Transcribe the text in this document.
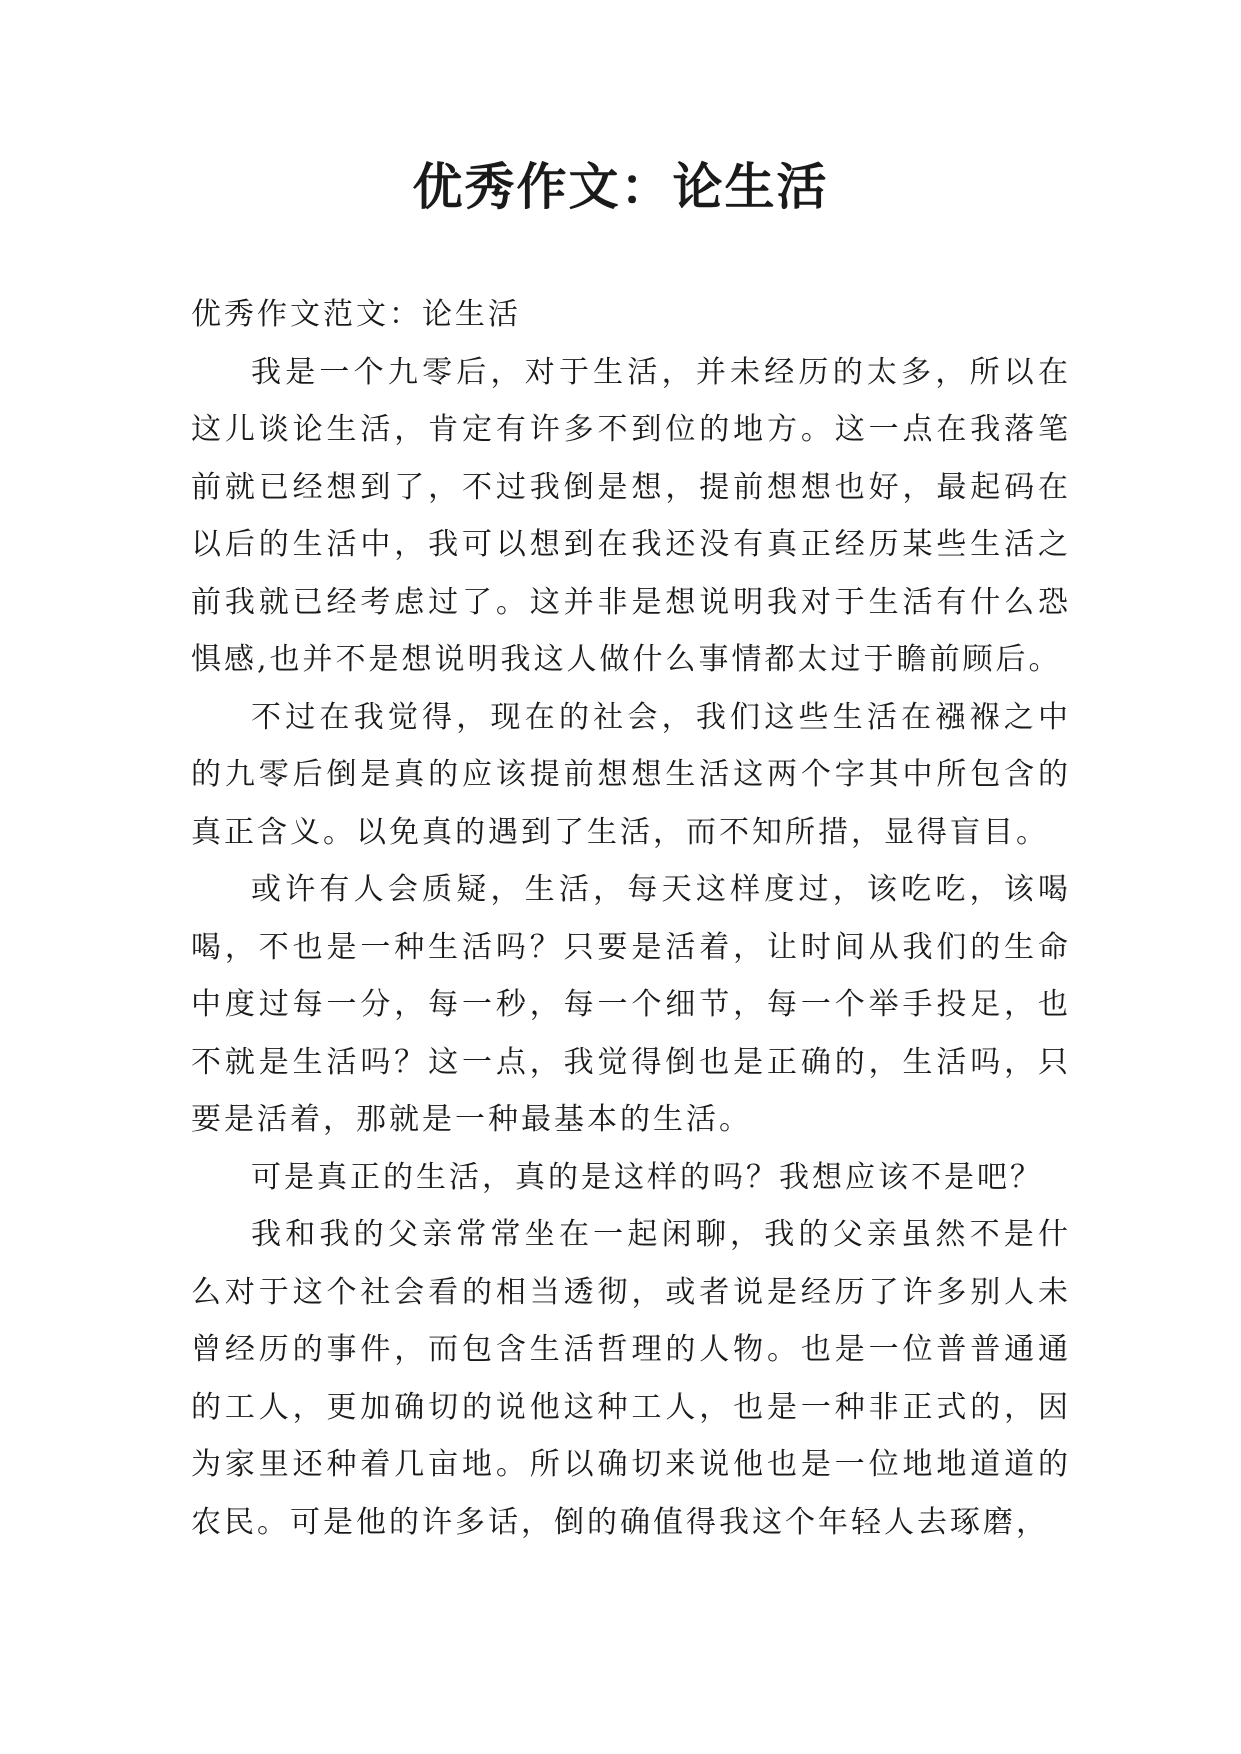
优秀作文：论生活

优秀作文范文：论生活

我是一个九零后，对于生活，并未经历的太多，所以在这儿谈论生活，肯定有许多不到位的地方。这一点在我落笔前就已经想到了，不过我倒是想，提前想想也好，最起码在以后的生活中，我可以想到在我还没有真正经历某些生活之前我就已经考虑过了。这并非是想说明我对于生活有什么恐惧感,也并不是想说明我这人做什么事情都太过于瞻前顾后。

不过在我觉得，现在的社会，我们这些生活在襁褓之中的九零后倒是真的应该提前想想生活这两个字其中所包含的真正含义。以免真的遇到了生活，而不知所措，显得盲目。

或许有人会质疑，生活，每天这样度过，该吃吃，该喝喝，不也是一种生活吗？只要是活着，让时间从我们的生命中度过每一分，每一秒，每一个细节，每一个举手投足，也不就是生活吗？这一点，我觉得倒也是正确的，生活吗，只要是活着，那就是一种最基本的生活。

可是真正的生活，真的是这样的吗？我想应该不是吧？

我和我的父亲常常坐在一起闲聊，我的父亲虽然不是什么对于这个社会看的相当透彻，或者说是经历了许多别人未曾经历的事件，而包含生活哲理的人物。也是一位普普通通的工人，更加确切的说他这种工人，也是一种非正式的，因为家里还种着几亩地。所以确切来说他也是一位地地道道的农民。可是他的许多话，倒的确值得我这个年轻人去琢磨，
